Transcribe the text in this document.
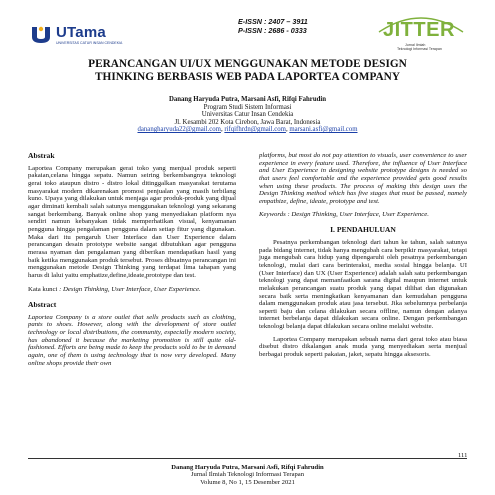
UTama
UNIVERSITAS CATUR INSAN CENDEKIA
E-ISSN : 2407 – 3911
P-ISSN : 2686 - 0333	JITTER
Jurnal Ilmiah
Teknologi Informasi Terapan
PERANCANGAN UI/UX MENGGUNAKAN METODE DESIGN
THINKING BERBASIS WEB PADA LAPORTEA COMPANY
Danang Haryuda Putra, Marsani Asfi, Rifqi Fahrudin
Program Studi Sistem Informasi
Universitas Catur Insan Cendekia
Jl. Kesambi 202 Kota Cirebon, Jawa Barat, Indonesia
danangharyuda22@gmail.com, rifqifhrdn@gmail.com, marsani.asfi@gmail.com
Abstrak
Laportea Company merupakan gerai toko yang menjual produk seperti pakaian,celana hingga sepatu. Namun seiring berkembangnya teknologi gerai toko ataupun distro - distro lokal ditinggalkan masyarakat terutama masyarakat modern dikarenakan promosi penjualan yang masih terbilang kuno. Upaya yang dilakukan untuk menjaga agar produk-produk yang dijual agar diminati kembali salah satunya menggunakan teknologi yang sekarang sangat berkembang. Banyak online shop yang menyediakan platform nya sendiri namun kebanyakan tidak memperhatikan visual, kenyamanan pengguna hingga pengalaman pengguna dalam setiap fitur yang digunakan. Maka dari itu pengaruh User Interface dan User Experience dalam perancangan desain prototype website sangat dibutuhkan agar pengguna merasa nyaman dan pengalaman yang diberikan mendapatkan hasil yang baik ketika menggunakan produk tersebut. Proses dibuatnya perancangan ini menggunakan metode Design Thinking yang terdapat lima tahapan yang harus di lalui yaitu emphatize,define,ideate,prototype dan test.
Kata kunci : Design Thinking, User Interface, User Experience.
Abstract
Laportea Company is a store outlet that sells products such as clothing, pants to shoes. However, along with the development of store outlet technology or local distributions, the community, especially modern society, has abandoned it because the marketing promotion is still quite old-fashioned. Efforts are being made to keep the products sold to be in demand again, one of them is using technology that is now very developed. Many online shops provide their own
platforms, but most do not pay attention to visuals, user convenience to user experience in every feature used. Therefore, the influence of User Interface and User Experience in designing website prototype designs is needed so that users feel comfortable and the experience provided gets good results when using these products. The process of making this design uses the Design Thinking method which has five stages that must be passed, namely empathize, define, ideate, prototype and test.
Keywords : Design Thinking, User Interface, User Experience.
I. PENDAHULUAN
Pesatnya perkembangan teknologi dari tahun ke tahun, salah satunya pada bidang internet, tidak hanya mengubah cara berpikir masyarakat, tetapi juga mengubah cara hidup yang dipengaruhi oleh pesatnya perkembangan teknologi, mulai dari cara berinteraksi, media sosial hingga belanja. UI (User Interface) dan UX (User Experience) adalah salah satu perkembangan teknologi yang dapat memanfaatkan sarana digital maupun internet untuk melakukan perancangan suatu produk yang dapat dilihat dan digunakan secara baik serta meningkatkan kenyamanan dan kemudahan pengguna dalam menggunakan produk atau jasa tersebut. Jika sebelumnya perbelanja seperti baju dan celana dilakukan secara offline, namun dengan adanya internet berbelanja dapat dilakukan secara online. Dengan perkembangan teknologi belanja dapat dilakukan secara online melalui website.
Laportea Company merupakan sebuah nama dari gerai toko atau biasa disebut distro dikalangan anak muda yang menyediakan serta menjual berbagai produk seperti pakaian, jaket, sepatu hingga aksesoris.
111
Danang Haryuda Putra, Marsani Asfi, Rifqi Fahrudin
Jurnal Ilmiah Teknologi Informasi Terapan
Volume 8, No 1, 15 Desember 2021
